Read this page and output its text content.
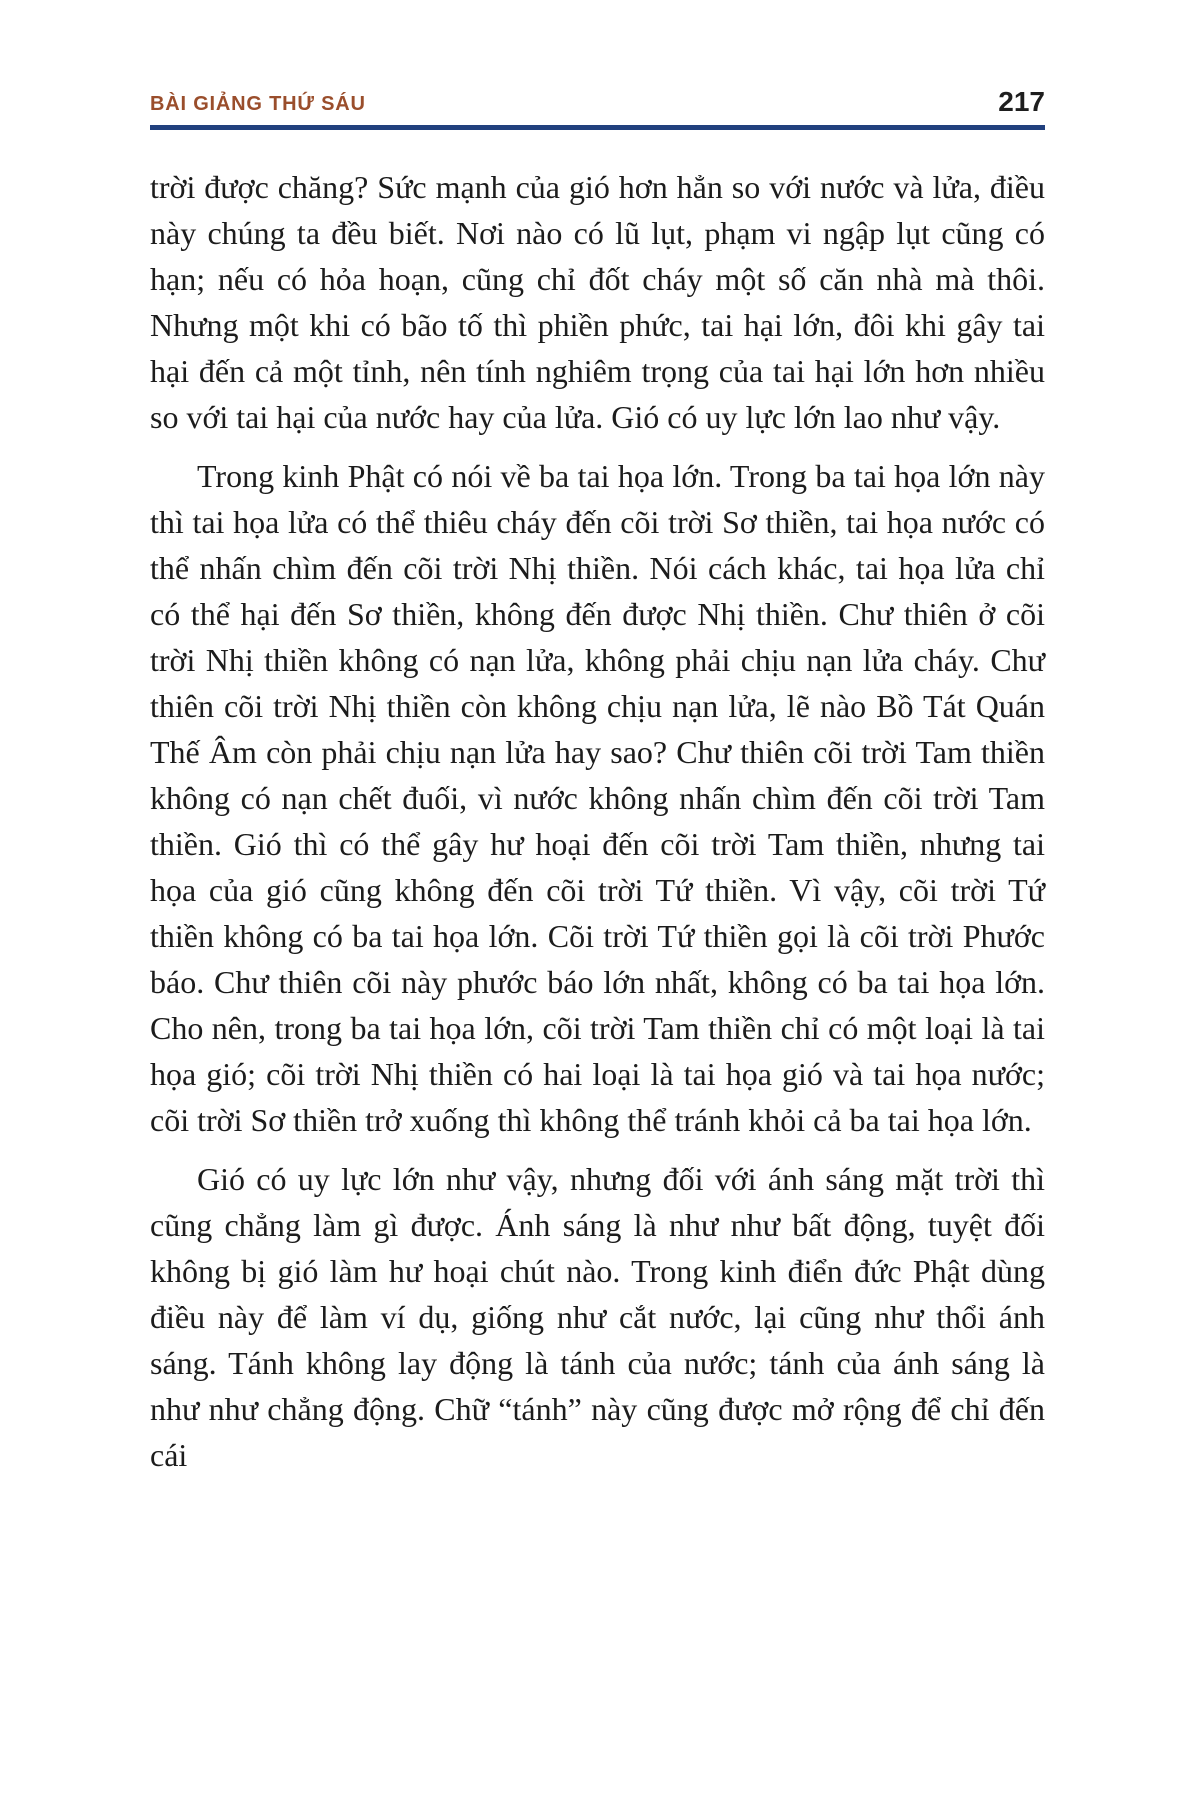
BÀI GIẢNG THỨ SÁU	217

trời được chăng? Sức mạnh của gió hơn hẳn so với nước và lửa, điều này chúng ta đều biết. Nơi nào có lũ lụt, phạm vi ngập lụt cũng có hạn; nếu có hỏa hoạn, cũng chỉ đốt cháy một số căn nhà mà thôi. Nhưng một khi có bão tố thì phiền phức, tai hại lớn, đôi khi gây tai hại đến cả một tỉnh, nên tính nghiêm trọng của tai hại lớn hơn nhiều so với tai hại của nước hay của lửa. Gió có uy lực lớn lao như vậy.

Trong kinh Phật có nói về ba tai họa lớn. Trong ba tai họa lớn này thì tai họa lửa có thể thiêu cháy đến cõi trời Sơ thiền, tai họa nước có thể nhấn chìm đến cõi trời Nhị thiền. Nói cách khác, tai họa lửa chỉ có thể hại đến Sơ thiền, không đến được Nhị thiền. Chư thiên ở cõi trời Nhị thiền không có nạn lửa, không phải chịu nạn lửa cháy. Chư thiên cõi trời Nhị thiền còn không chịu nạn lửa, lẽ nào Bồ Tát Quán Thế Âm còn phải chịu nạn lửa hay sao? Chư thiên cõi trời Tam thiền không có nạn chết đuối, vì nước không nhấn chìm đến cõi trời Tam thiền. Gió thì có thể gây hư hoại đến cõi trời Tam thiền, nhưng tai họa của gió cũng không đến cõi trời Tứ thiền. Vì vậy, cõi trời Tứ thiền không có ba tai họa lớn. Cõi trời Tứ thiền gọi là cõi trời Phước báo. Chư thiên cõi này phước báo lớn nhất, không có ba tai họa lớn. Cho nên, trong ba tai họa lớn, cõi trời Tam thiền chỉ có một loại là tai họa gió; cõi trời Nhị thiền có hai loại là tai họa gió và tai họa nước; cõi trời Sơ thiền trở xuống thì không thể tránh khỏi cả ba tai họa lớn.

Gió có uy lực lớn như vậy, nhưng đối với ánh sáng mặt trời thì cũng chẳng làm gì được. Ánh sáng là như như bất động, tuyệt đối không bị gió làm hư hoại chút nào. Trong kinh điển đức Phật dùng điều này để làm ví dụ, giống như cắt nước, lại cũng như thổi ánh sáng. Tánh không lay động là tánh của nước; tánh của ánh sáng là như như chẳng động. Chữ “tánh” này cũng được mở rộng để chỉ đến cái
